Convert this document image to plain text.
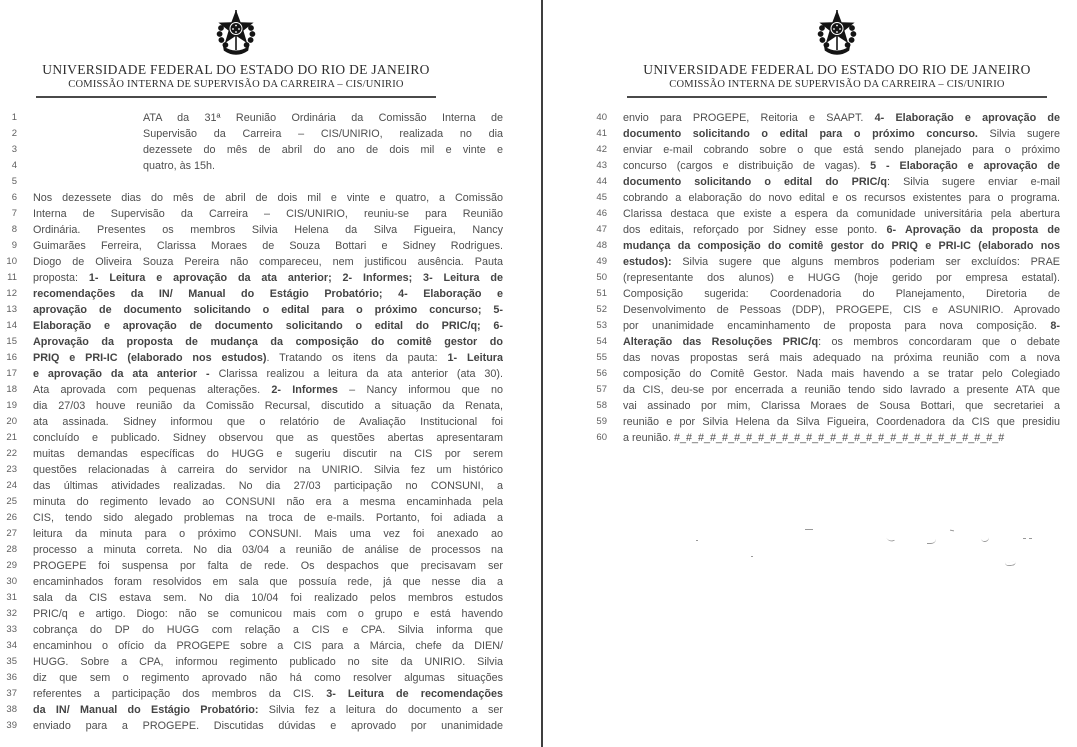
UNIVERSIDADE FEDERAL DO ESTADO DO RIO DE JANEIRO
COMISSÃO INTERNA DE SUPERVISÃO DA CARREIRA – CIS/UNIRIO
1	ATA da 31ª Reunião Ordinária da Comissão Interna de
2	Supervisão da Carreira – CIS/UNIRIO, realizada no dia
3	dezessete do mês de abril do ano de dois mil e vinte e
4	quatro, às 15h.
5
6 Nos dezessete dias do mês de abril de dois mil e vinte e quatro, a Comissão
7 Interna de Supervisão da Carreira – CIS/UNIRIO, reuniu-se para Reunião
8 Ordinária. Presentes os membros Silvia Helena da Silva Figueira, Nancy
9 Guimarães Ferreira, Clarissa Moraes de Souza Bottari e Sidney Rodrigues.
10 Diogo de Oliveira Souza Pereira não compareceu, nem justificou ausência. Pauta
11 proposta: 1- Leitura e aprovação da ata anterior; 2- Informes; 3- Leitura de
12 recomendações da IN/ Manual do Estágio Probatório; 4- Elaboração e
13 aprovação de documento solicitando o edital para o próximo concurso; 5-
14 Elaboração e aprovação de documento solicitando o edital do PRIC/q; 6-
15 Aprovação da proposta de mudança da composição do comitê gestor do
16 PRIQ e PRI-IC (elaborado nos estudos). Tratando os itens da pauta: 1- Leitura
17 e aprovação da ata anterior - Clarissa realizou a leitura da ata anterior (ata 30).
18 Ata aprovada com pequenas alterações. 2- Informes – Nancy informou que no
19 dia 27/03 houve reunião da Comissão Recursal, discutido a situação da Renata,
20 ata assinada. Sidney informou que o relatório de Avaliação Institucional foi
21 concluído e publicado. Sidney observou que as questões abertas apresentaram
22 muitas demandas específicas do HUGG e sugeriu discutir na CIS por serem
23 questões relacionadas à carreira do servidor na UNIRIO. Silvia fez um histórico
24 das últimas atividades realizadas. No dia 27/03 participação no CONSUNI, a
25 minuta do regimento levado ao CONSUNI não era a mesma encaminhada pela
26 CIS, tendo sido alegado problemas na troca de e-mails. Portanto, foi adiada a
27 leitura da minuta para o próximo CONSUNI. Mais uma vez foi anexado ao
28 processo a minuta correta. No dia 03/04 a reunião de análise de processos na
29 PROGEPE foi suspensa por falta de rede. Os despachos que precisavam ser
30 encaminhados foram resolvidos em sala que possuía rede, já que nesse dia a
31 sala da CIS estava sem. No dia 10/04 foi realizado pelos membros estudos
32 PRIC/q e artigo. Diogo: não se comunicou mais com o grupo e está havendo
33 cobrança do DP do HUGG com relação a CIS e CPA. Silvia informa que
34 encaminhou o ofício da PROGEPE sobre a CIS para a Márcia, chefe da DIEN/
35 HUGG. Sobre a CPA, informou regimento publicado no site da UNIRIO. Silvia
36 diz que sem o regimento aprovado não há como resolver algumas situações
37 referentes a participação dos membros da CIS. 3- Leitura de recomendações
38 da IN/ Manual do Estágio Probatório: Silvia fez a leitura do documento a ser
39 enviado para a PROGEPE. Discutidas dúvidas e aprovado por unanimidade
UNIVERSIDADE FEDERAL DO ESTADO DO RIO DE JANEIRO
COMISSÃO INTERNA DE SUPERVISÃO DA CARREIRA – CIS/UNIRIO
40 envio para PROGEPE, Reitoria e SAAPT. 4- Elaboração e aprovação de
41 documento solicitando o edital para o próximo concurso. Silvia sugere
42 enviar e-mail cobrando sobre o que está sendo planejado para o próximo
43 concurso (cargos e distribuição de vagas). 5 - Elaboração e aprovação de
44 documento solicitando o edital do PRIC/q: Silvia sugere enviar e-mail
45 cobrando a elaboração do novo edital e os recursos existentes para o programa.
46 Clarissa destaca que existe a espera da comunidade universitária pela abertura
47 dos editais, reforçado por Sidney esse ponto. 6- Aprovação da proposta de
48 mudança da composição do comitê gestor do PRIQ e PRI-IC (elaborado nos
49 estudos): Silvia sugere que alguns membros poderiam ser excluídos: PRAE
50 (representante dos alunos) e HUGG (hoje gerido por empresa estatal).
51 Composição sugerida: Coordenadoria do Planejamento, Diretoria de
52 Desenvolvimento de Pessoas (DDP), PROGEPE, CIS e ASUNIRIO. Aprovado
53 por unanimidade encaminhamento de proposta para nova composição. 8-
54 Alteração das Resoluções PRIC/q: os membros concordaram que o debate
55 das novas propostas será mais adequado na próxima reunião com a nova
56 composição do Comitê Gestor. Nada mais havendo a se tratar pelo Colegiado
57 da CIS, deu-se por encerrada a reunião tendo sido lavrado a presente ATA que
58 vai assinado por mim, Clarissa Moraes de Sousa Bottari, que secretariei a
59 reunião e por Silvia Helena da Silva Figueira, Coordenadora da CIS que presidiu
60 a reunião. #_#_#_#_#_#_#_#_#_#_#_#_#_#_#_#_#_#_#_#_#_#_#_#_#_#_#_#
